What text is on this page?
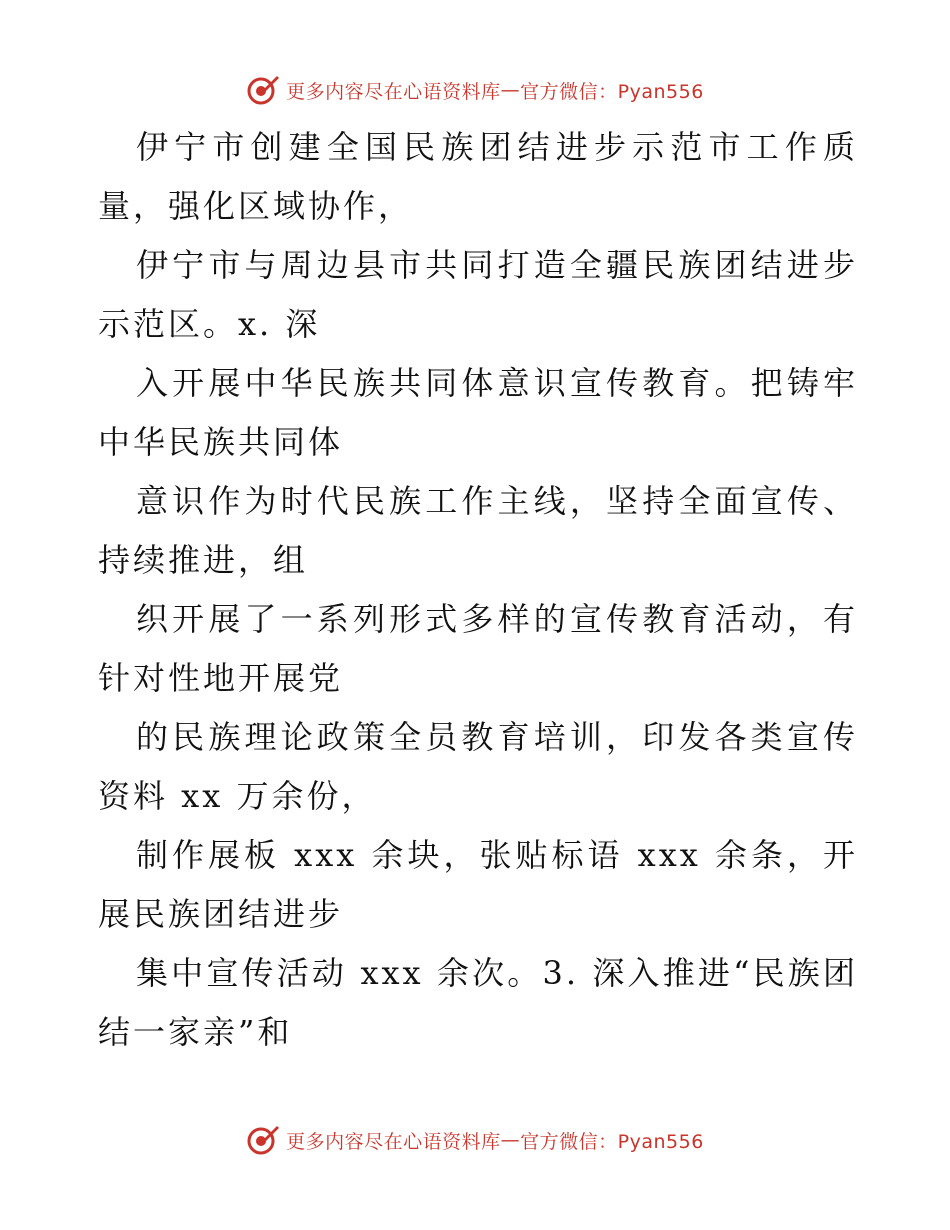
更多内容尽在心语资料库 — 官方微信：Pyan556

伊宁市创建全国民族团结进步示范市工作质量，强化区域协作，

伊宁市与周边县市共同打造全疆民族团结进步示范区。x. 深

入开展中华民族共同体意识宣传教育。把铸牢中华民族共同体

意识作为时代民族工作主线，坚持全面宣传、持续推进，组

织开展了一系列形式多样的宣传教育活动，有针对性地开展党

的民族理论政策全员教育培训，印发各类宣传资料 xx 万余份，

制作展板 xxx 余块，张贴标语 xxx 余条，开展民族团结进步

集中宣传活动 xxx 余次。3. 深入推进“民族团结一家亲”和

更多内容尽在心语资料库 — 官方微信：Pyan556
